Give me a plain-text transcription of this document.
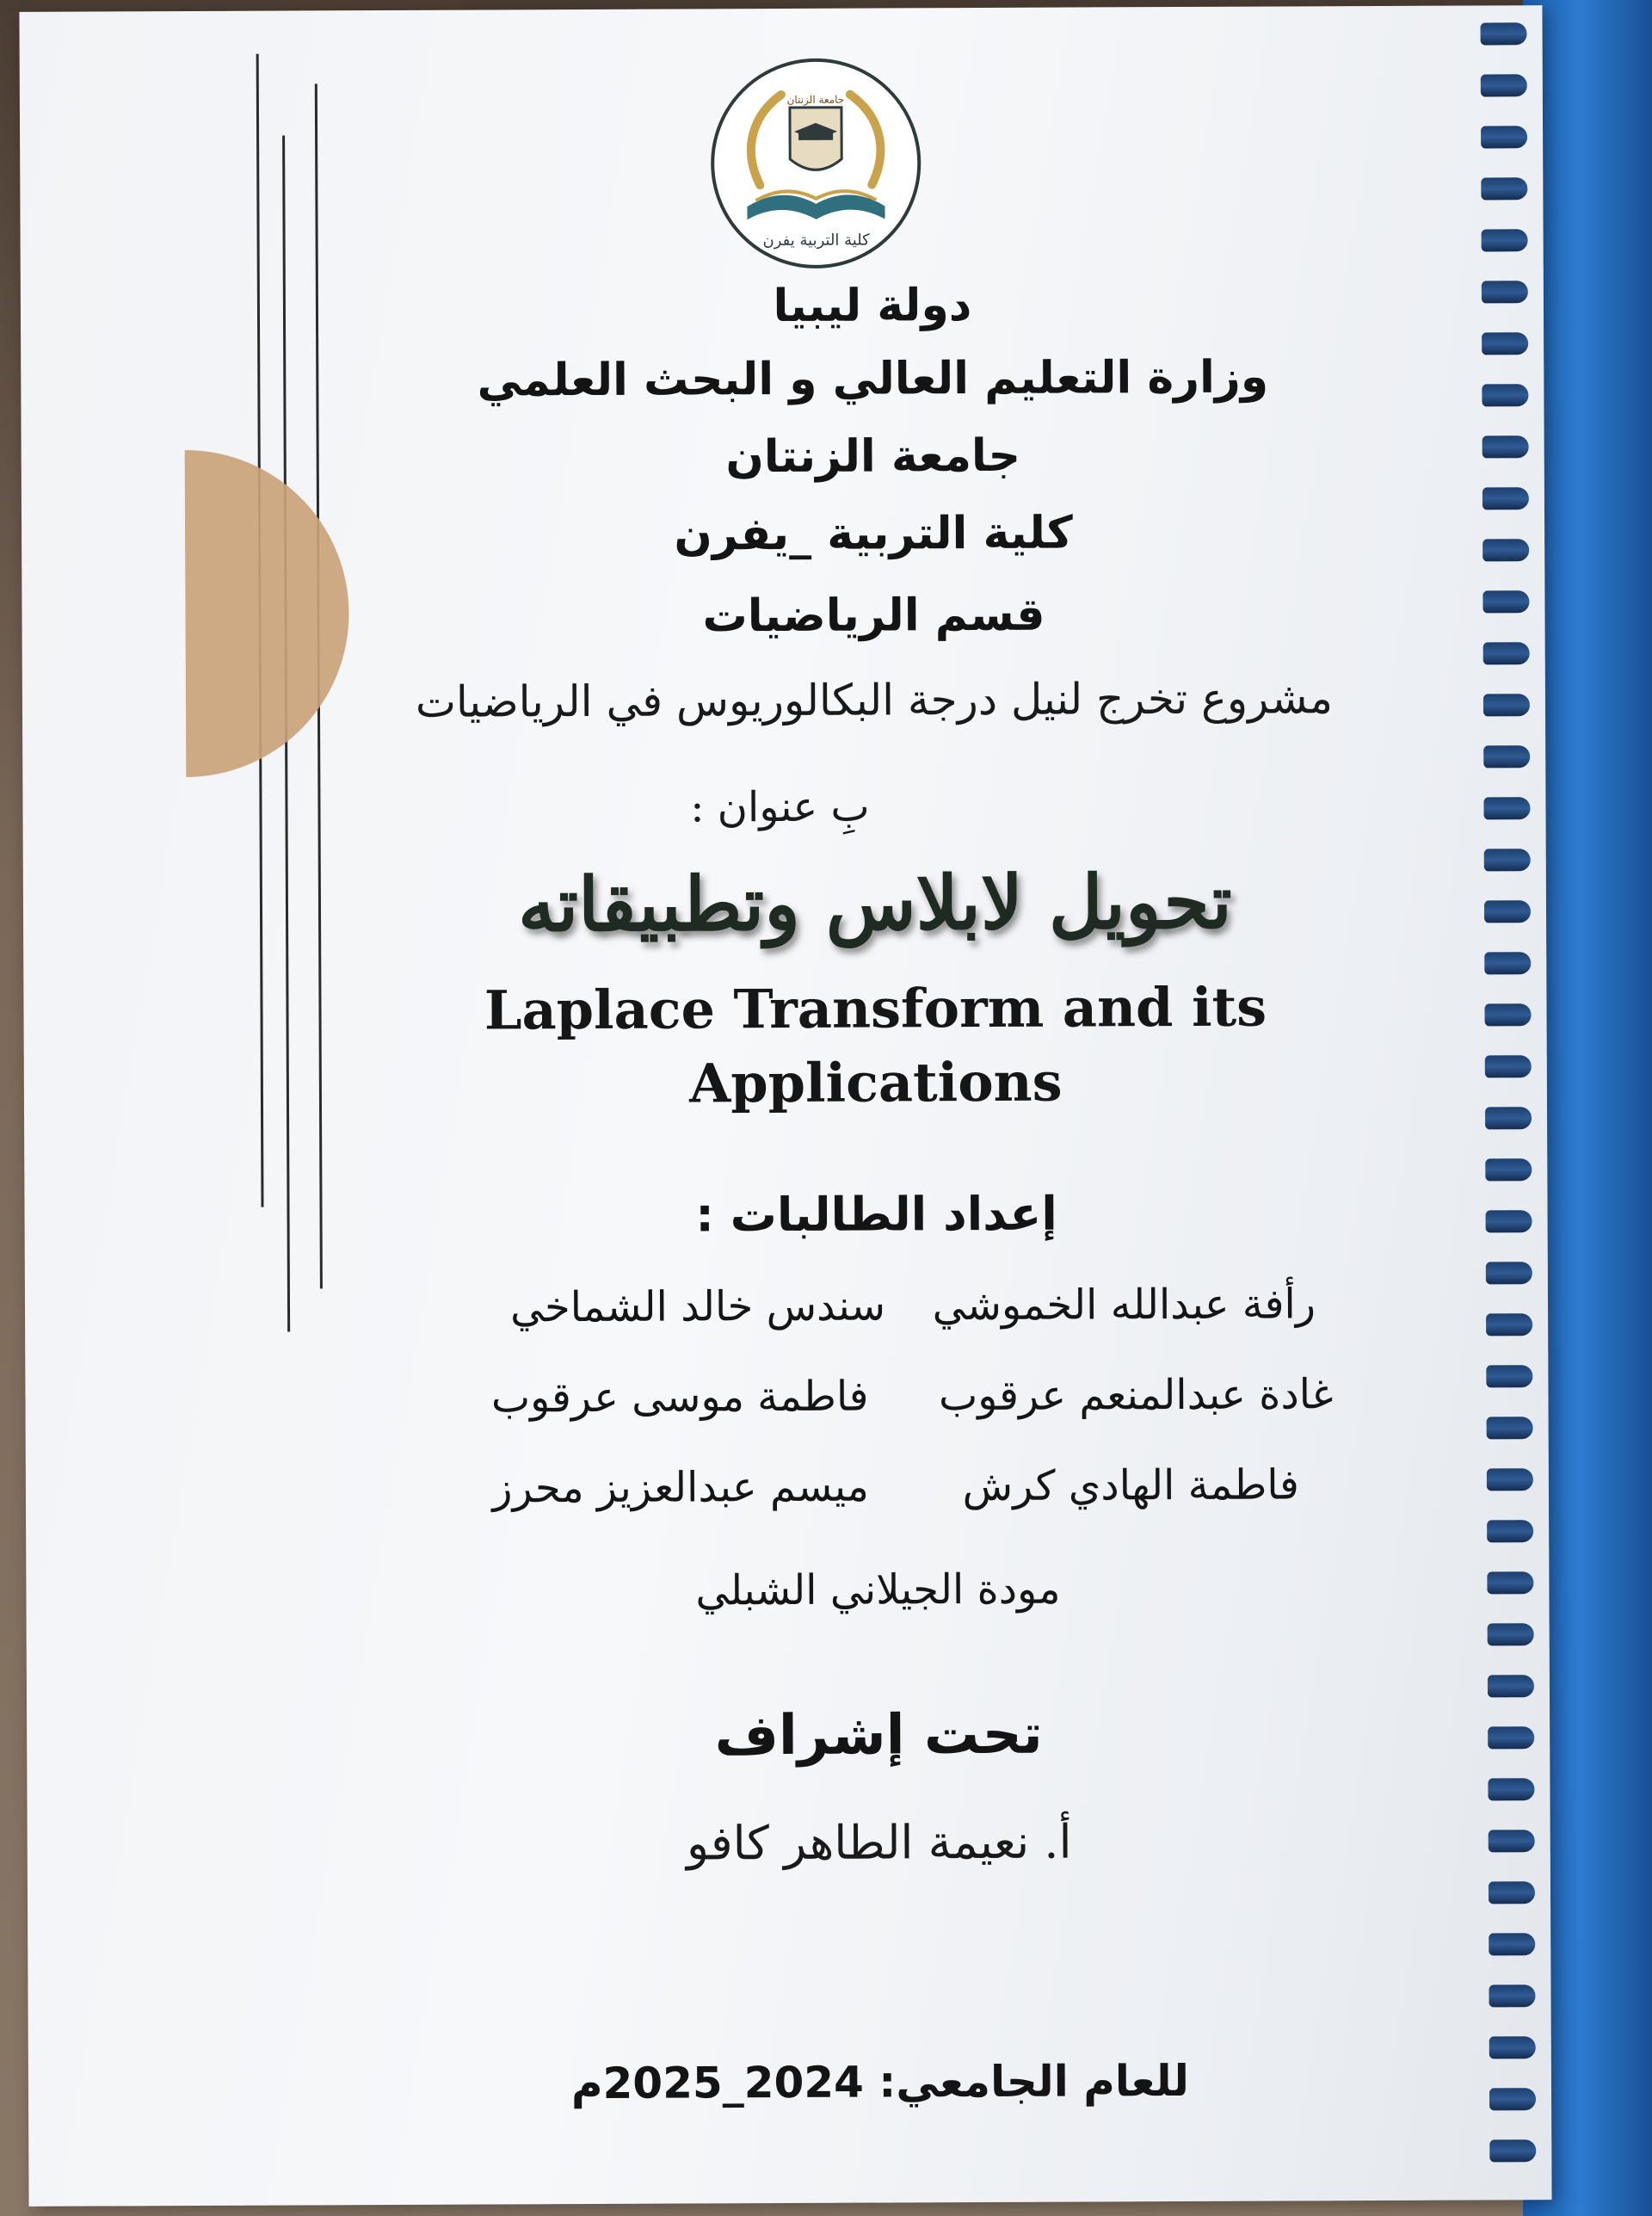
كلية التربية يفرن
جامعة الزنتان

دولة ليبيا

وزارة التعليم العالي و البحث العلمي

جامعة الزنتان

كلية التربية _يفرن

قسم الرياضيات

مشروع تخرج لنيل درجة البكالوريوس في الرياضيات

بِ عنوان :

تحويل لابلاس وتطبيقاته

Laplace Transform and its

Applications

إعداد الطالبات :

رأفة عبدالله الخموشي
سندس خالد الشماخي
غادة عبدالمنعم عرقوب
فاطمة موسى عرقوب
فاطمة الهادي كرش
ميسم عبدالعزيز محرز
مودة الجيلاني الشبلي

تحت إشراف

أ. نعيمة الطاهر كافو

للعام الجامعي: 2024_2025م
